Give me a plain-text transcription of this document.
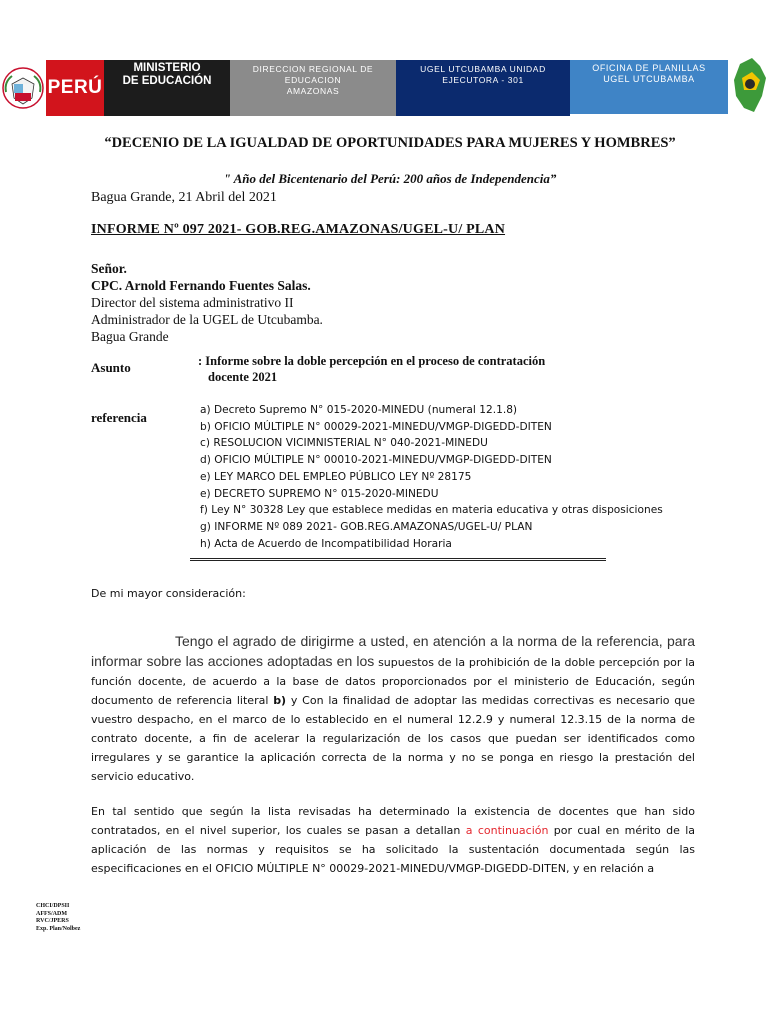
PERÚ
MINISTERIO
DE EDUCACIÓN
DIRECCION REGIONAL DE
EDUCACION
AMAZONAS
UGEL UTCUBAMBA UNIDAD
EJECUTORA - 301
OFICINA DE PLANILLAS
UGEL UTCUBAMBA
“DECENIO DE LA IGUALDAD DE OPORTUNIDADES PARA MUJERES Y HOMBRES”
" Año del Bicentenario del Perú: 200 años de Independencia”
Bagua Grande, 21 Abril del 2021
INFORME Nº 097 2021- GOB.REG.AMAZONAS/UGEL-U/ PLAN
Señor.
CPC. Arnold Fernando Fuentes Salas.
Director del sistema administrativo II
Administrador de la UGEL de Utcubamba.
Bagua Grande
Asunto	: Informe sobre la doble percepción en el proceso de contratación
docente 2021
referencia	a) Decreto Supremo N° 015-2020-MINEDU (numeral 12.1.8)
b) OFICIO MÚLTIPLE N° 00029-2021-MINEDU/VMGP-DIGEDD-DITEN
c) RESOLUCION VICIMNISTERIAL N° 040-2021-MINEDU
d) OFICIO MÚLTIPLE N° 00010-2021-MINEDU/VMGP-DIGEDD-DITEN
e) LEY MARCO DEL EMPLEO PÚBLICO LEY Nº 28175
e) DECRETO SUPREMO N° 015-2020-MINEDU
f) Ley N° 30328 Ley que establece medidas en materia educativa y otras disposiciones
g) INFORME Nº 089 2021- GOB.REG.AMAZONAS/UGEL-U/ PLAN
h) Acta de Acuerdo de Incompatibilidad Horaria
De mi mayor consideración:
Tengo el agrado de dirigirme a usted, en atención a la norma de la referencia, para informar sobre las acciones adoptadas en los supuestos de la prohibición de la doble percepción por la función docente, de acuerdo a la base de datos proporcionados por el ministerio de Educación, según documento de referencia literal b) y Con la finalidad de adoptar las medidas correctivas es necesario que vuestro despacho, en el marco de lo establecido en el numeral 12.2.9 y numeral 12.3.15 de la norma de contrato docente, a fin de acelerar la regularización de los casos que puedan ser identificados como irregulares y se garantice la aplicación correcta de la norma y no se ponga en riesgo la prestación del servicio educativo.
En tal sentido que según la lista revisadas ha determinado la existencia de docentes que han sido contratados, en el nivel superior, los cuales se pasan a detallan a continuación por cual en mérito de la aplicación de las normas y requisitos se ha solicitado la sustentación documentada según las especificaciones en el OFICIO MÚLTIPLE N° 00029-2021-MINEDU/VMGP-DIGEDD-DITEN, y en relación a
CHCI/DPSII
AFFS/ADM
RVC/JPERS
Exp. Plan/Nolbez
